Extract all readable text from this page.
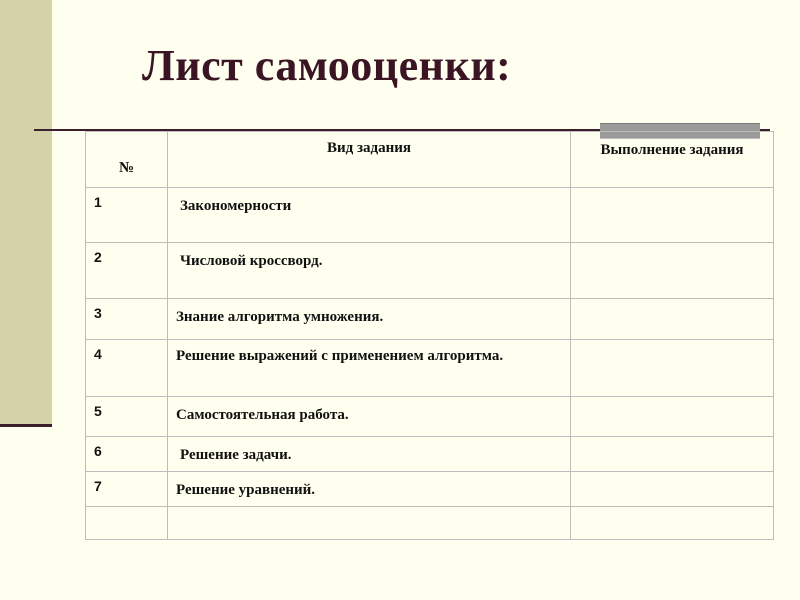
Лист самооценки:
№	Вид задания	Выполнение задания

1	Закономерности	

2	Числовой кроссворд.	

3	Знание алгоритма умножения.	

4	Решение выражений с применением алгоритма.	

5	Самостоятельная работа.	

6	Решение задачи.	

7	Решение уравнений.	
